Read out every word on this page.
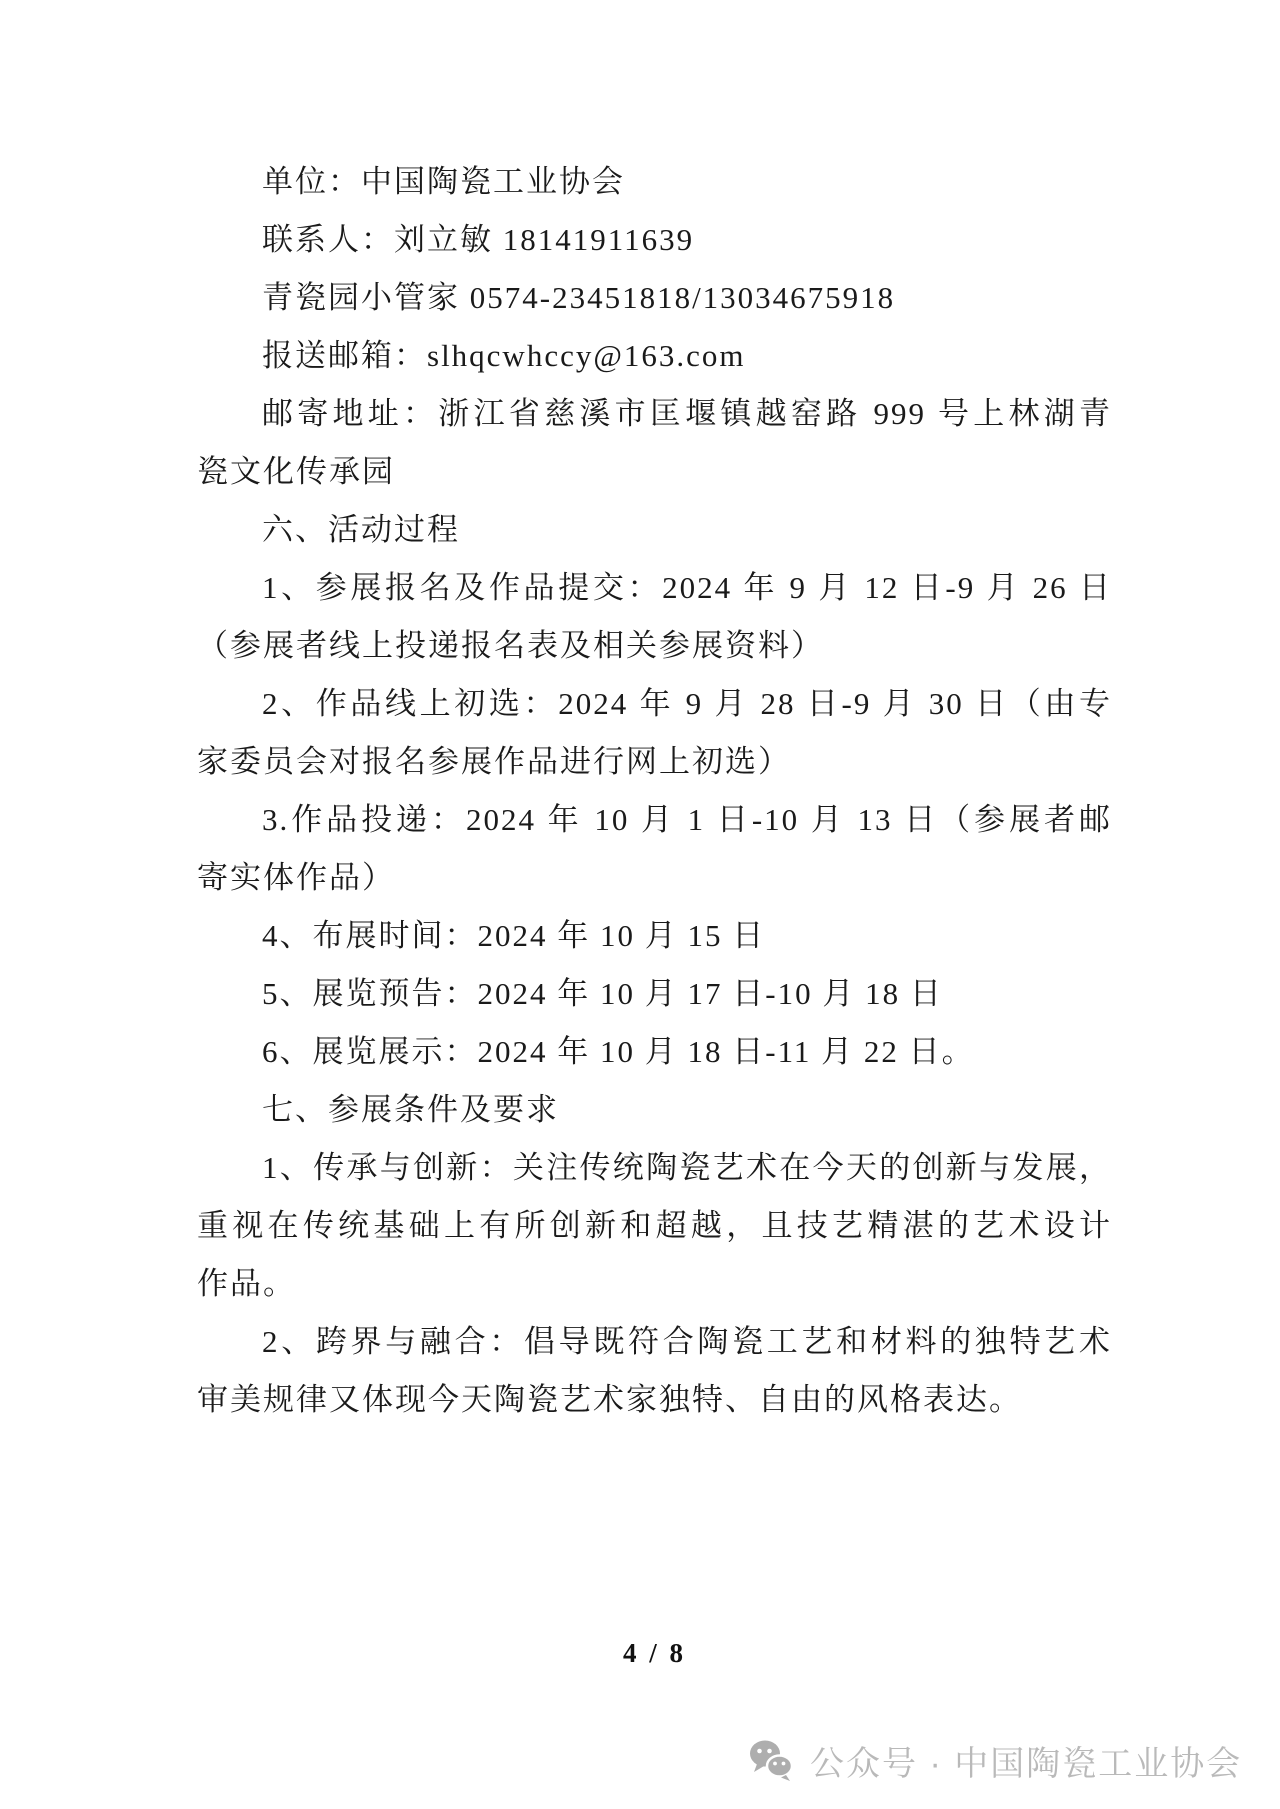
单位：中国陶瓷工业协会
联系人：刘立敏 18141911639
青瓷园小管家 0574-23451818/13034675918
报送邮箱：slhqcwhccy@163.com
邮寄地址：浙江省慈溪市匡堰镇越窑路 999 号上林湖青
瓷文化传承园
六、活动过程
1、参展报名及作品提交：2024 年 9 月 12 日-9 月 26 日
（参展者线上投递报名表及相关参展资料）
2、作品线上初选：2024 年 9 月 28 日-9 月 30 日（由专
家委员会对报名参展作品进行网上初选）
3.作品投递：2024 年 10 月 1 日-10 月 13 日（参展者邮
寄实体作品）
4、布展时间：2024 年 10 月 15 日
5、展览预告：2024 年 10 月 17 日-10 月 18 日
6、展览展示：2024 年 10 月 18 日-11 月 22 日。
七、参展条件及要求
1、传承与创新：关注传统陶瓷艺术在今天的创新与发展，
重视在传统基础上有所创新和超越，且技艺精湛的艺术设计
作品。
2、跨界与融合：倡导既符合陶瓷工艺和材料的独特艺术
审美规律又体现今天陶瓷艺术家独特、自由的风格表达。
4 / 8
公众号 · 中国陶瓷工业协会
